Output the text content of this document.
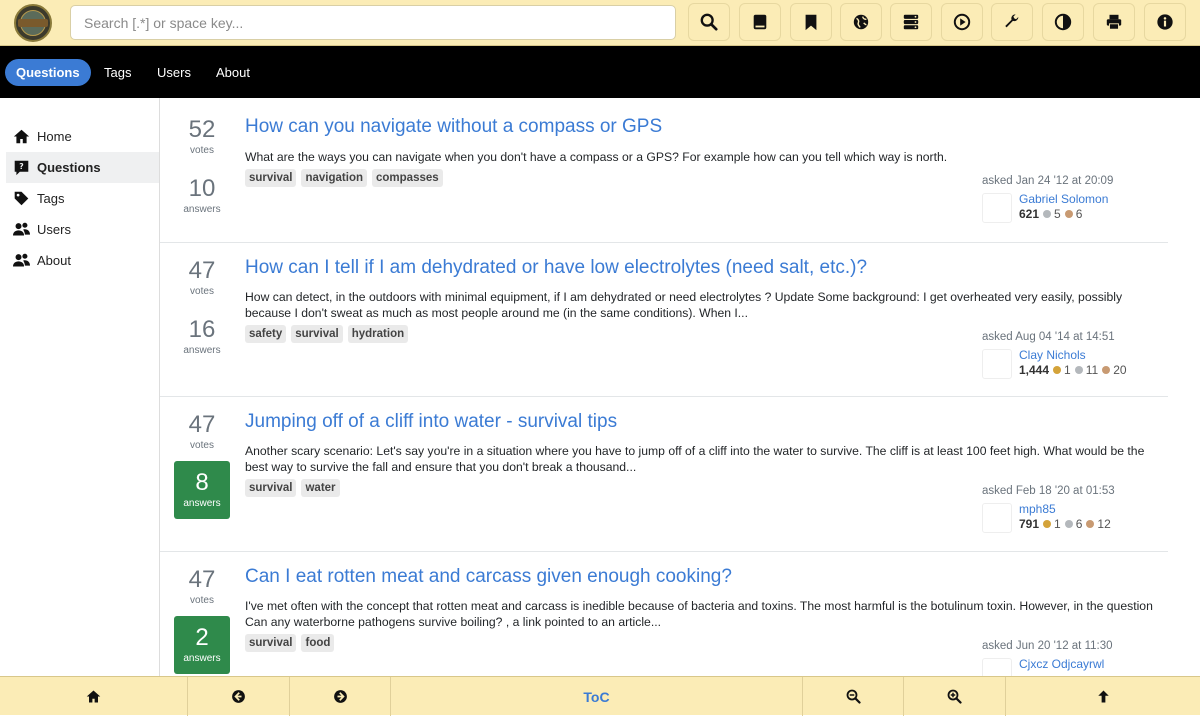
Search [.*] or space key...
Questions	Tags	Users	About
Home
? Questions
Tags
Users
About
52
votes
10
answers
How can you navigate without a compass or GPS
What are the ways you can navigate when you don't have a compass or a GPS? For example how can you tell which way is north.
survival	navigation	compasses	asked Jan 24 '12 at 20:09
Gabriel Solomon
621 5 6
47
votes
16
answers
How can I tell if I am dehydrated or have low electrolytes (need salt, etc.)?
How can detect, in the outdoors with minimal equipment, if I am dehydrated or need electrolytes ? Update Some background: I get overheated very easily, possibly because I don't sweat as much as most people around me (in the same conditions). When I...
safety	survival	hydration	asked Aug 04 '14 at 14:51
Clay Nichols
1,444 1 11 20
47
votes
8
answers
Jumping off of a cliff into water - survival tips
Another scary scenario: Let's say you're in a situation where you have to jump off of a cliff into the water to survive. The cliff is at least 100 feet high. What would be the best way to survive the fall and ensure that you don't break a thousand...
survival	water	asked Feb 18 '20 at 01:53
mph85
791 1 6 12
47
votes
2
answers
Can I eat rotten meat and carcass given enough cooking?
I've met often with the concept that rotten meat and carcass is inedible because of bacteria and toxins. The most harmful is the botulinum toxin. However, in the question Can any waterborne pathogens survive boiling? , a link pointed to an article...
survival	food	asked Jun 20 '12 at 11:30
Cjxcz Odjcayrwl
ToC
